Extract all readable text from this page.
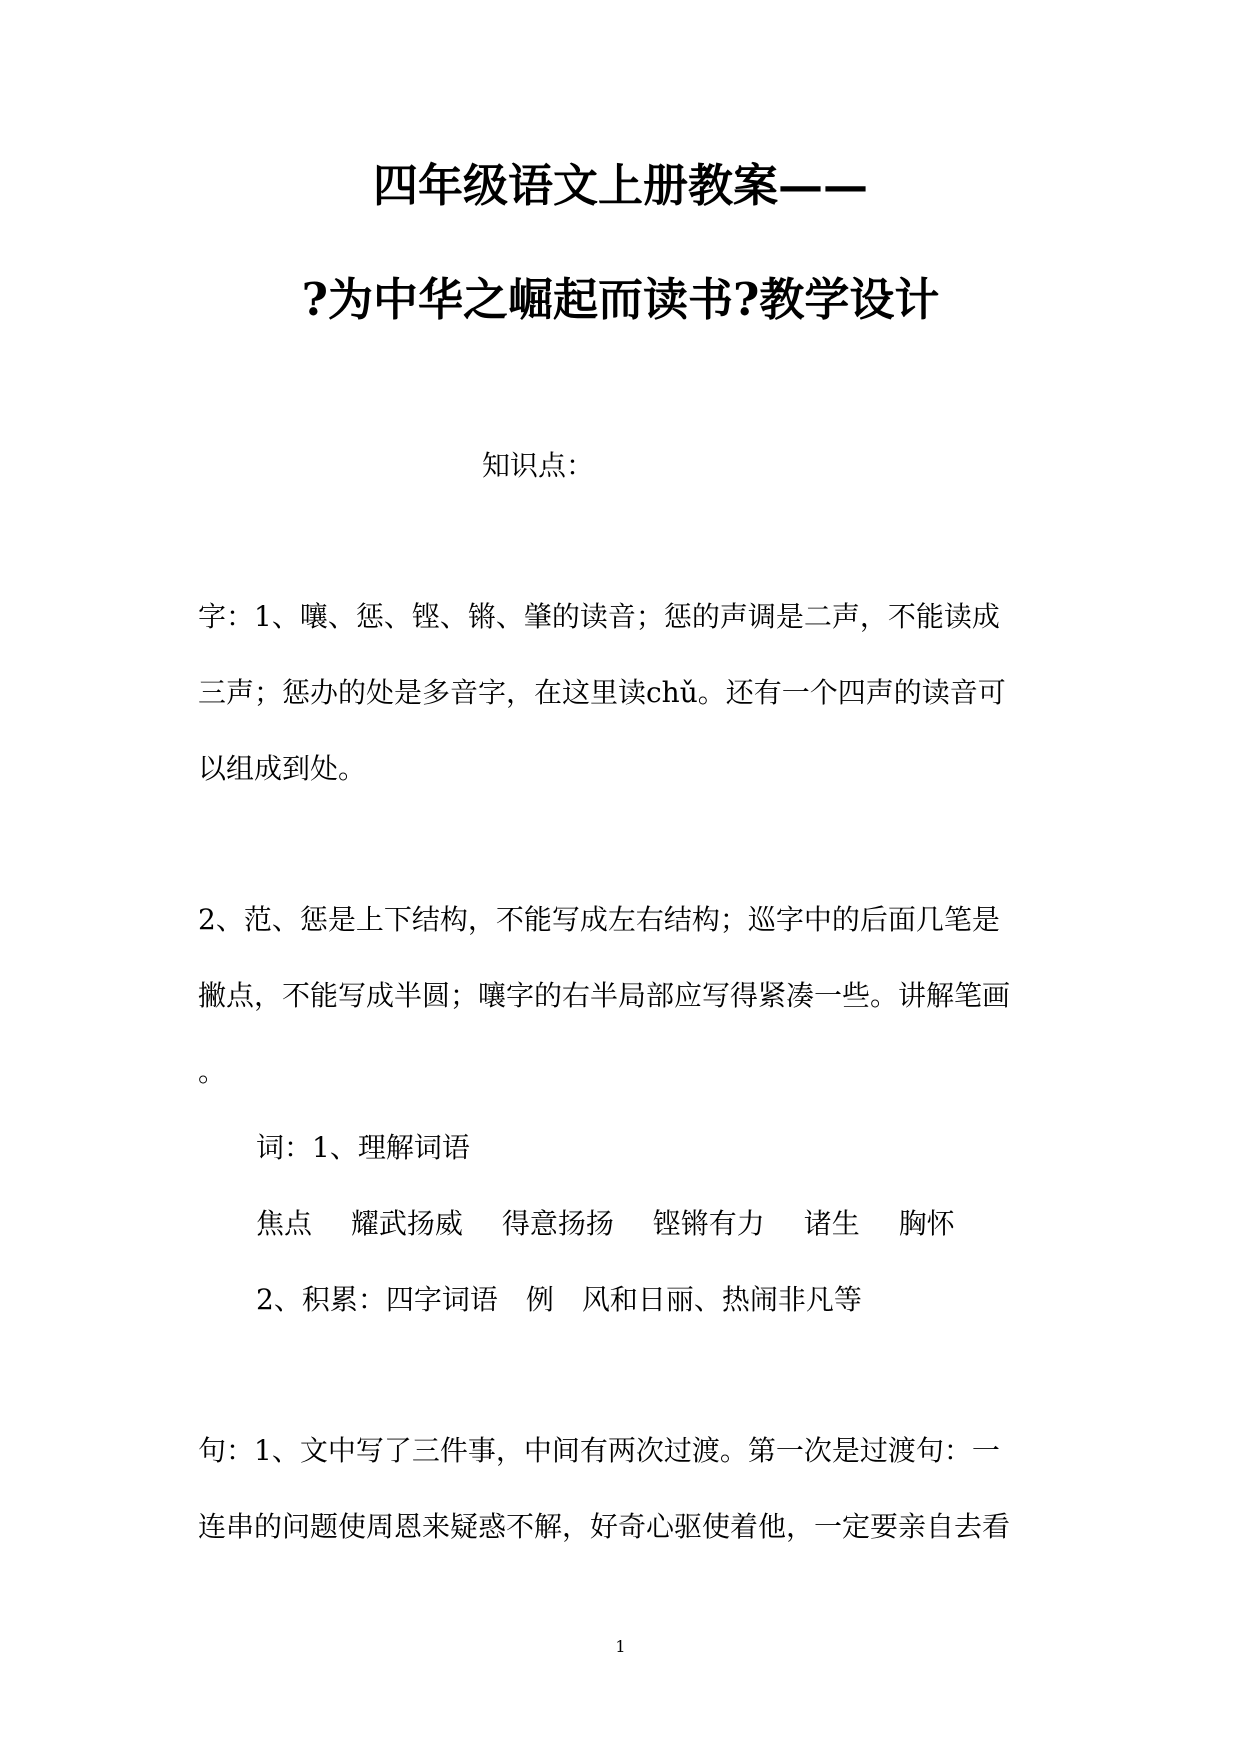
四年级语文上册教案——
?为中华之崛起而读书?教学设计

知识点：

字：1、嚷、惩、铿、锵、肇的读音；惩的声调是二声，不能读成

三声；惩办的处是多音字，在这里读chǔ。还有一个四声的读音可

以组成到处。

2、范、惩是上下结构，不能写成左右结构；巡字中的后面几笔是

撇点，不能写成半圆；嚷字的右半局部应写得紧凑一些。讲解笔画

。

词：1、理解词语

焦点 耀武扬威 得意扬扬 铿锵有力 诸生 胸怀

2、积累：四字词语　例　风和日丽、热闹非凡等

句：1、文中写了三件事，中间有两次过渡。第一次是过渡句：一

连串的问题使周恩来疑惑不解，好奇心驱使着他，一定要亲自去看

1
